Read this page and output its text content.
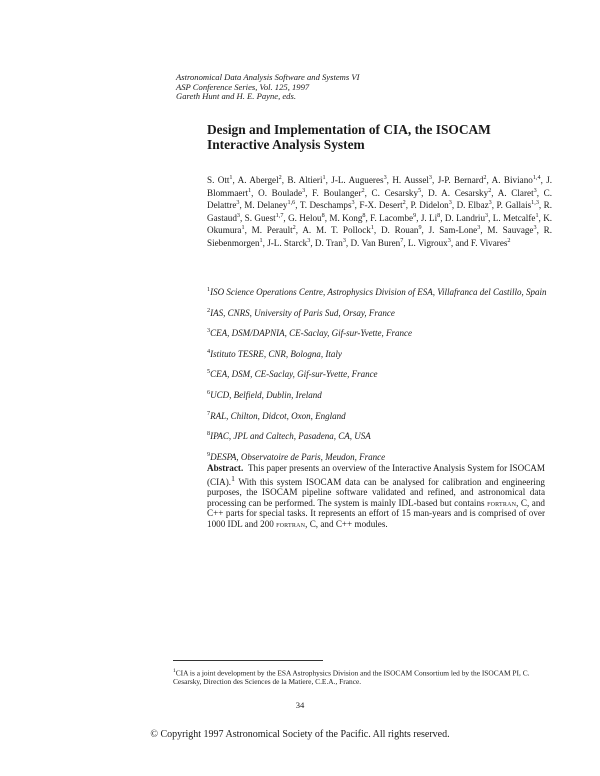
Astronomical Data Analysis Software and Systems VI
ASP Conference Series, Vol. 125, 1997
Gareth Hunt and H. E. Payne, eds.
Design and Implementation of CIA, the ISOCAM
Interactive Analysis System

S. Ott$^1$, A. Abergel$^2$, B. Altieri$^1$, J-L. Augueres$^3$, H. Aussel$^3$, J-P. Bernard$^2$, A. Biviano$^{1,4}$, J. Blommaert$^1$, O. Boulade$^3$, F. Boulanger$^2$, C. Cesarsky$^5$, D. A. Cesarsky$^2$, A. Claret$^3$, C. Delattre$^3$, M. Delaney$^{1,6}$, T. Deschamps$^3$, F-X. Desert$^2$, P. Didelon$^3$, D. Elbaz$^3$, P. Gallais$^{1,3}$, R. Gastaud$^3$, S. Guest$^{1,7}$, G. Helou$^8$, M. Kong$^8$, F. Lacombe$^9$, J. Li$^8$, D. Landriu$^3$, L. Metcalfe$^1$, K. Okumura$^1$, M. Perault$^2$, A. M. T. Pollock$^1$, D. Rouan$^9$, J. Sam-Lone$^3$, M. Sauvage$^3$, R. Siebenmorgen$^1$, J-L. Starck$^3$, D. Tran$^3$, D. Van Buren$^7$, L. Vigroux$^3$, and F. Vivares$^2$

$^1$ISO Science Operations Centre, Astrophysics Division of ESA, Villafranca del Castillo, Spain
$^2$IAS, CNRS, University of Paris Sud, Orsay, France
$^3$CEA, DSM/DAPNIA, CE-Saclay, Gif-sur-Yvette, France
$^4$Istituto TESRE, CNR, Bologna, Italy
$^5$CEA, DSM, CE-Saclay, Gif-sur-Yvette, France
$^6$UCD, Belfield, Dublin, Ireland
$^7$RAL, Chilton, Didcot, Oxon, England
$^8$IPAC, JPL and Caltech, Pasadena, CA, USA
$^9$DESPA, Observatoire de Paris, Meudon, France

Abstract. This paper presents an overview of the Interactive Analysis System for ISOCAM (CIA).$^1$ With this system ISOCAM data can be analysed for calibration and engineering purposes, the ISOCAM pipeline software validated and refined, and astronomical data processing can be performed. The system is mainly IDL-based but contains fortran, C, and C++ parts for special tasks. It represents an effort of 15 man-years and is comprised of over 1000 IDL and 200 fortran, C, and C++ modules.

$^1$CIA is a joint development by the ESA Astrophysics Division and the ISOCAM Consortium led by the ISOCAM PI, C. Cesarsky, Direction des Sciences de la Matiere, C.E.A., France.

34
© Copyright 1997 Astronomical Society of the Pacific. All rights reserved.
